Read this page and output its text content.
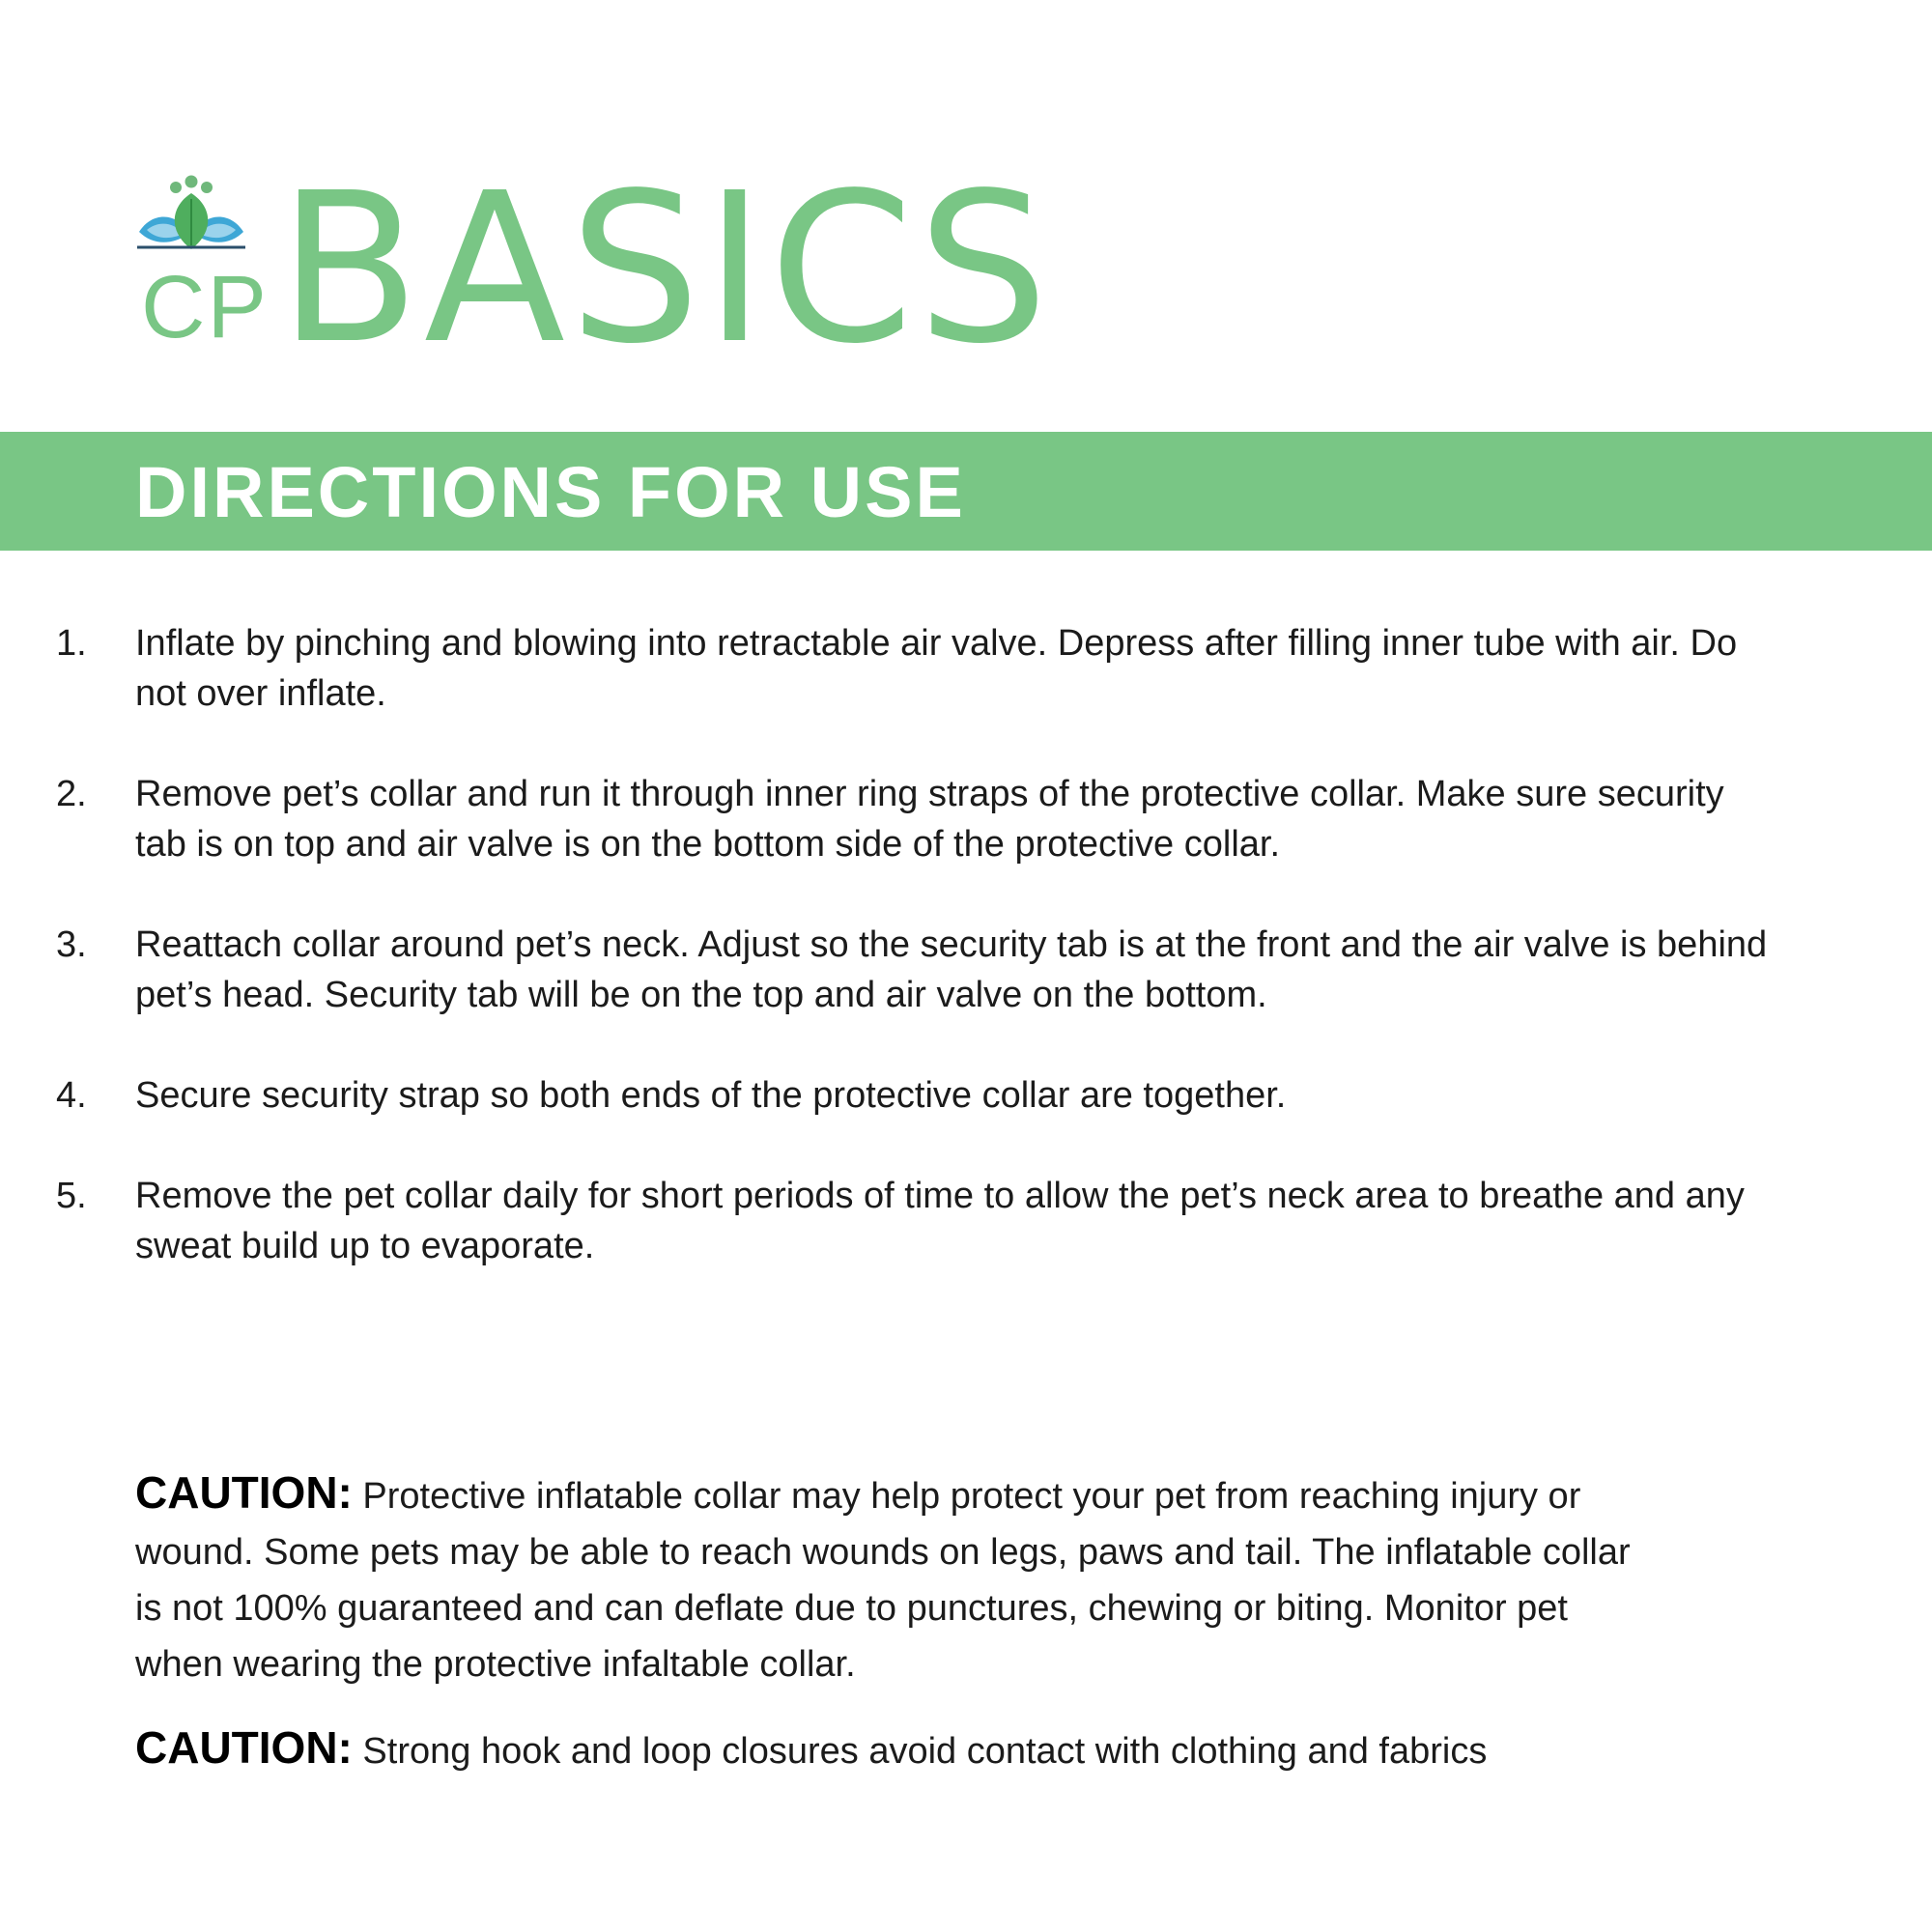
CP BASICS
DIRECTIONS FOR USE
1.	Inflate by pinching and blowing into retractable air valve. Depress after filling inner tube with air. Do not over inflate.
2.	Remove pet’s collar and run it through inner ring straps of the protective collar. Make sure security tab is on top and air valve is on the bottom side of the protective collar.
3.	Reattach collar around pet’s neck. Adjust so the security tab is at the front and the air valve is behind pet’s head. Security tab will be on the top and air valve on the bottom.
4.	Secure security strap so both ends of the protective collar are together.
5.	Remove the pet collar daily for short periods of time to allow the pet’s neck area to breathe and any sweat build up to evaporate.

CAUTION: Protective inflatable collar may help protect your pet from reaching injury or wound. Some pets may be able to reach wounds on legs, paws and tail. The inflatable collar is not 100% guaranteed and can deflate due to punctures, chewing or biting. Monitor pet when wearing the protective infaltable collar.

CAUTION: Strong hook and loop closures avoid contact with clothing and fabrics
